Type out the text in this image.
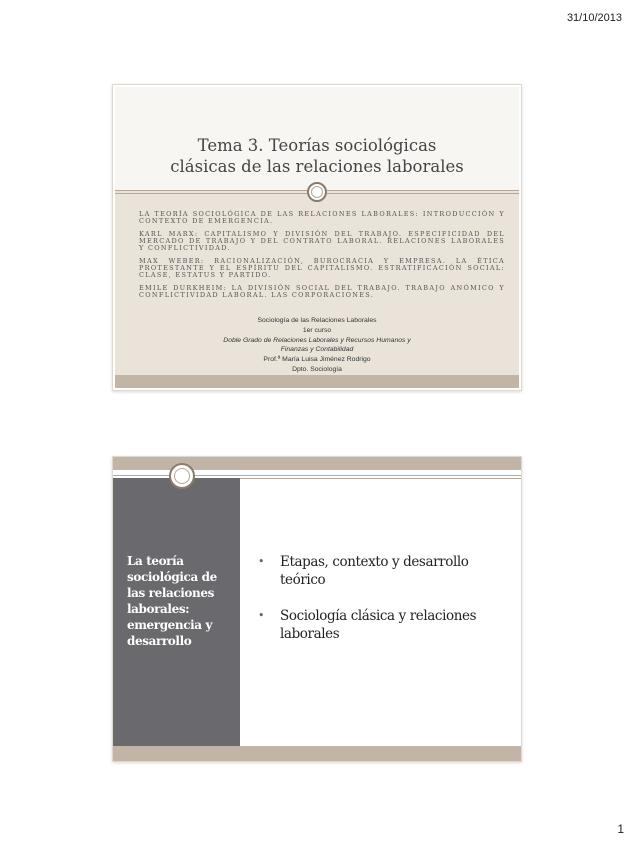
31/10/2013
Tema 3. Teorías sociológicas
clásicas de las relaciones laborales
LA TEORÍA SOCIOLÓGICA DE LAS RELACIONES LABORALES: INTRODUCCIÓN Y CONTEXTO DE EMERGENCIA.
KARL MARX: CAPITALISMO Y DIVISIÓN DEL TRABAJO. ESPECIFICIDAD DEL MERCADO DE TRABAJO Y DEL CONTRATO LABORAL. RELACIONES LABORALES Y CONFLICTIVIDAD.
MAX WEBER: RACIONALIZACIÓN, BUROCRACIA Y EMPRESA. LA ÉTICA PROTESTANTE Y EL ESPÍRITU DEL CAPITALISMO. ESTRATIFICACIÓN SOCIAL: CLASE, ESTATUS Y PARTIDO.
EMILE DURKHEIM: LA DIVISIÓN SOCIAL DEL TRABAJO. TRABAJO ANÓMICO Y CONFLICTIVIDAD LABORAL. LAS CORPORACIONES.
Sociología de las Relaciones Laborales
1er curso
Doble Grado de Relaciones Laborales y Recursos Humanos y
Finanzas y Contabilidad
Prof.ª María Luisa Jiménez Rodrigo
Dpto. Sociología
La teoría sociológica de las relaciones laborales: emergencia y desarrollo
• Etapas, contexto y desarrollo teórico
• Sociología clásica y relaciones laborales
1
